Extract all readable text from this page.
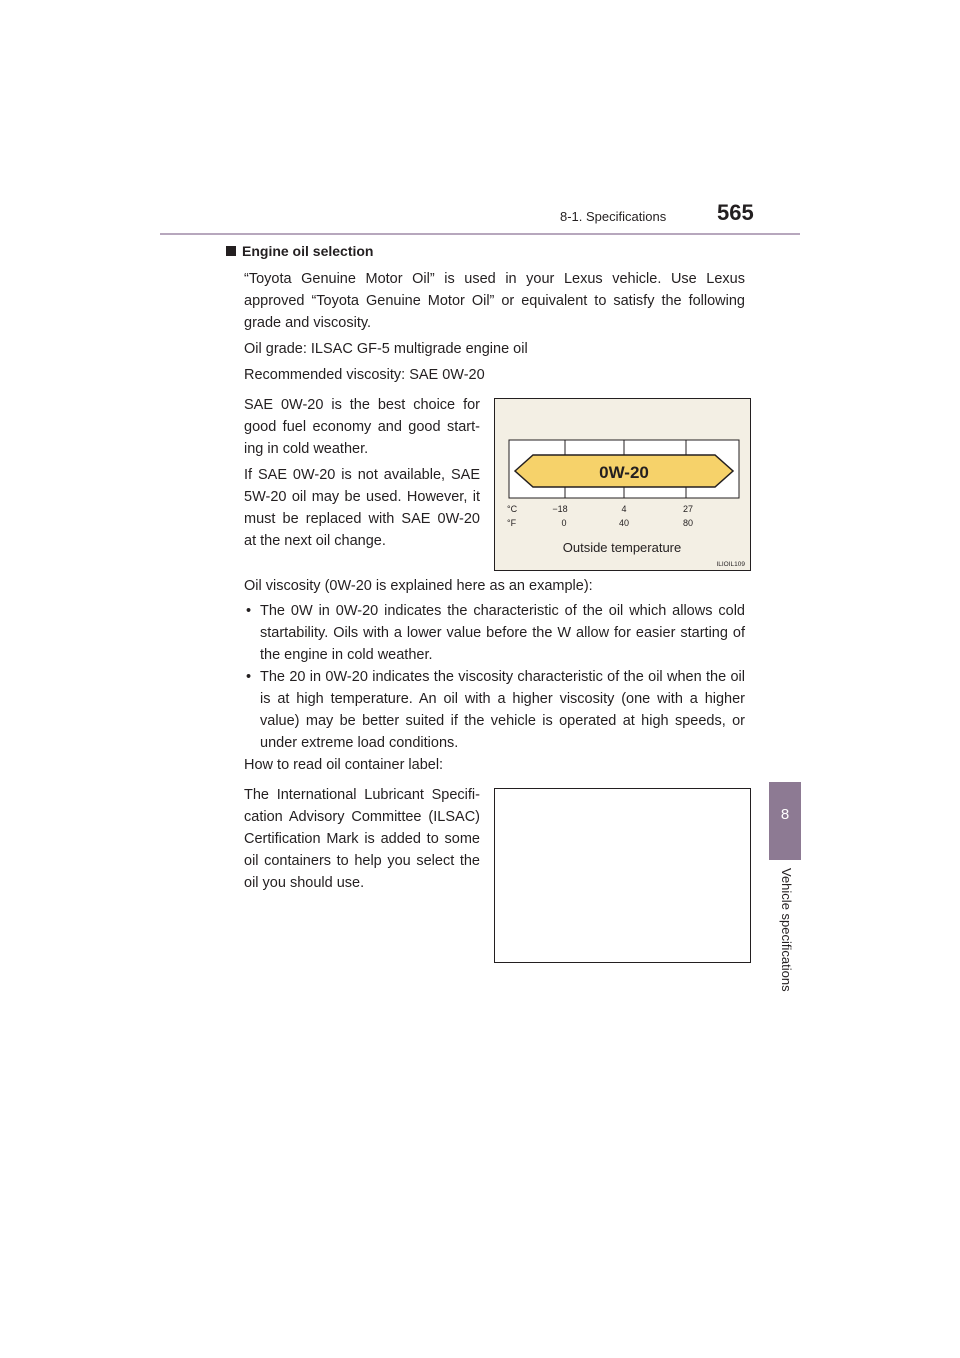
8-1. Specifications 565
8
Vehicle specifications
Engine oil selection
“Toyota Genuine Motor Oil” is used in your Lexus vehicle. Use Lexus approved “Toyota Genuine Motor Oil” or equivalent to satisfy the following grade and viscosity.
Oil grade: ILSAC GF-5 multigrade engine oil
Recommended viscosity: SAE 0W-20
SAE 0W-20 is the best choice for good fuel economy and good start-ing in cold weather.
If SAE 0W-20 is not available, SAE 5W-20 oil may be used. However, it must be replaced with SAE 0W-20 at the next oil change.
0W-20
°C
°F
−18	4	27
0	40	80
Outside temperature
ILIOIL109
Oil viscosity (0W-20 is explained here as an example):
• The 0W in 0W-20 indicates the characteristic of the oil which allows cold startability. Oils with a lower value before the W allow for easier starting of the engine in cold weather.
• The 20 in 0W-20 indicates the viscosity characteristic of the oil when the oil is at high temperature. An oil with a higher viscosity (one with a higher value) may be better suited if the vehicle is operated at high speeds, or under extreme load conditions.
How to read oil container label:
The International Lubricant Specifi-cation Advisory Committee (ILSAC) Certification Mark is added to some oil containers to help you select the oil you should use.
